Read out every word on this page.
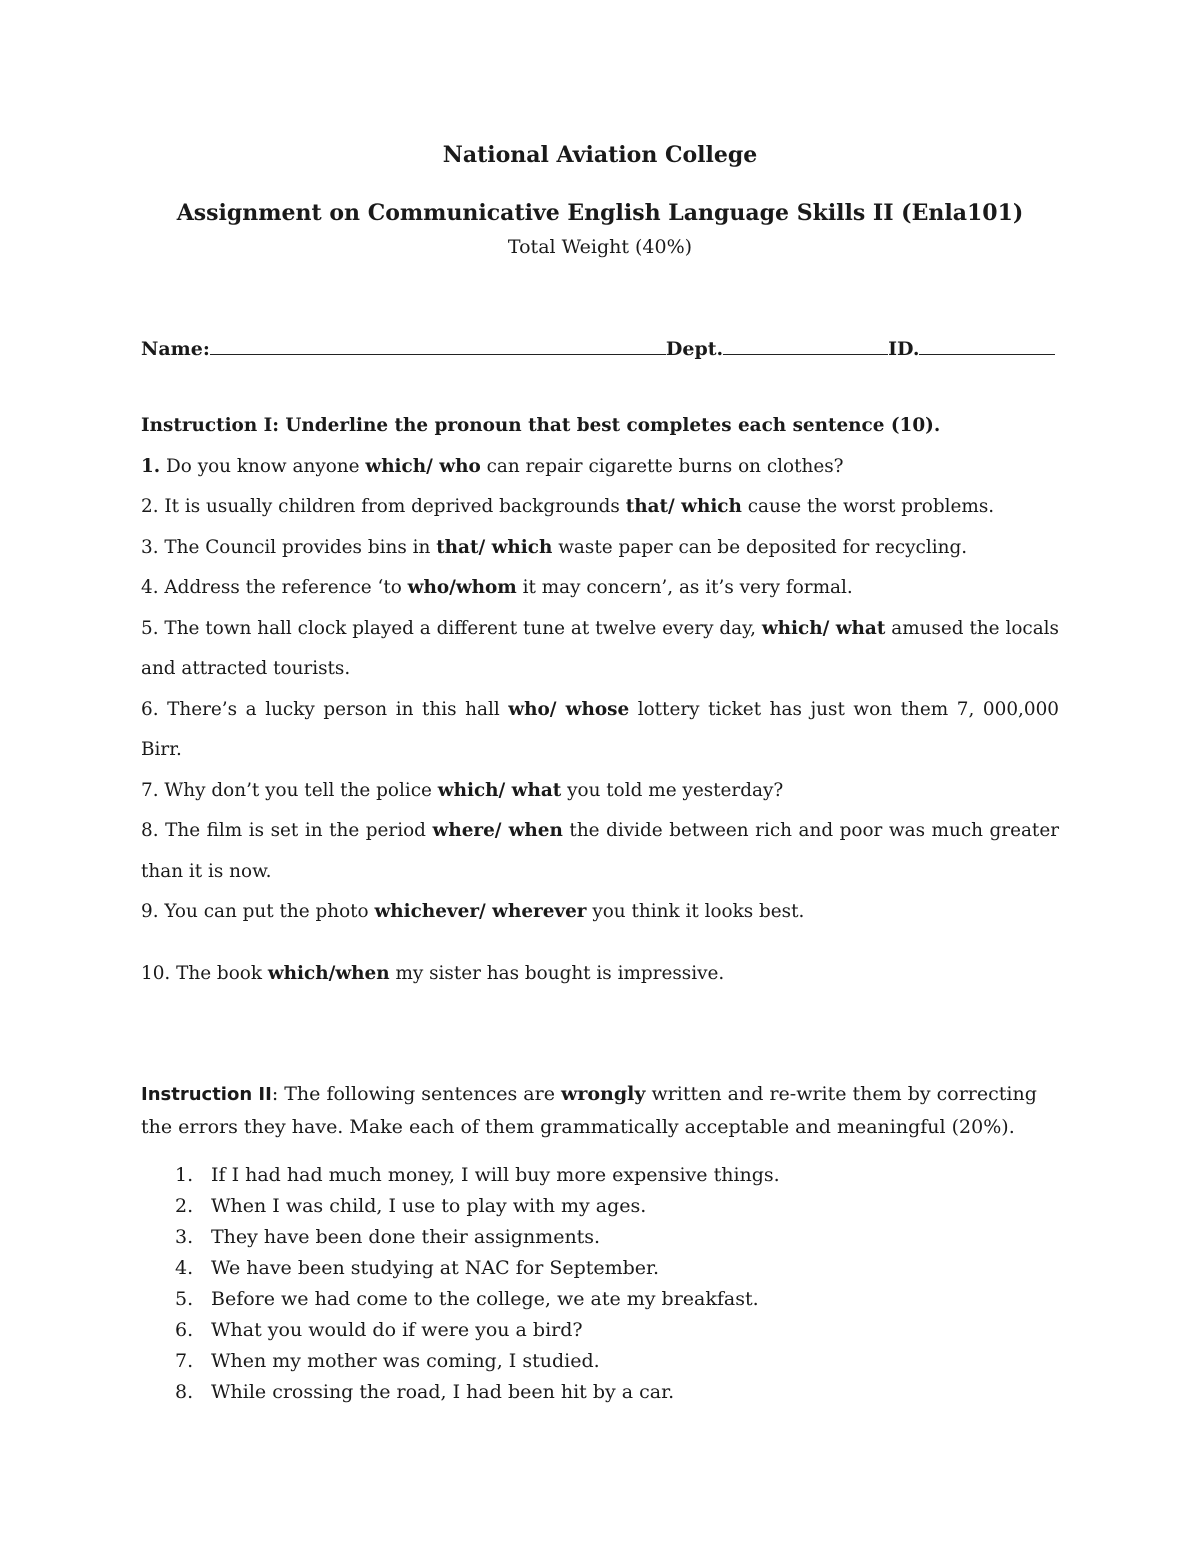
National Aviation College
Assignment on Communicative English Language Skills II (Enla101)
Total Weight (40%)
Name:	Dept.	ID.

Instruction I: Underline the pronoun that best completes each sentence (10).

1. Do you know anyone which/ who can repair cigarette burns on clothes?

2. It is usually children from deprived backgrounds that/ which cause the worst problems.

3. The Council provides bins in that/ which waste paper can be deposited for recycling.

4. Address the reference ‘to who/whom it may concern’, as it’s very formal.

5. The town hall clock played a different tune at twelve every day, which/ what amused the locals and attracted tourists.

6. There’s a lucky person in this hall who/ whose lottery ticket has just won them 7, 000,000 Birr.

7. Why don’t you tell the police which/ what you told me yesterday?

8. The film is set in the period where/ when the divide between rich and poor was much greater than it is now.

9. You can put the photo whichever/ wherever you think it looks best.

10. The book which/when my sister has bought is impressive.

Instruction II: The following sentences are wrongly written and re-write them by correcting the errors they have. Make each of them grammatically acceptable and meaningful (20%).
1. If I had had much money, I will buy more expensive things.
2. When I was child, I use to play with my ages.
3. They have been done their assignments.
4. We have been studying at NAC for September.
5. Before we had come to the college, we ate my breakfast.
6. What you would do if were you a bird?
7. When my mother was coming, I studied.
8. While crossing the road, I had been hit by a car.
